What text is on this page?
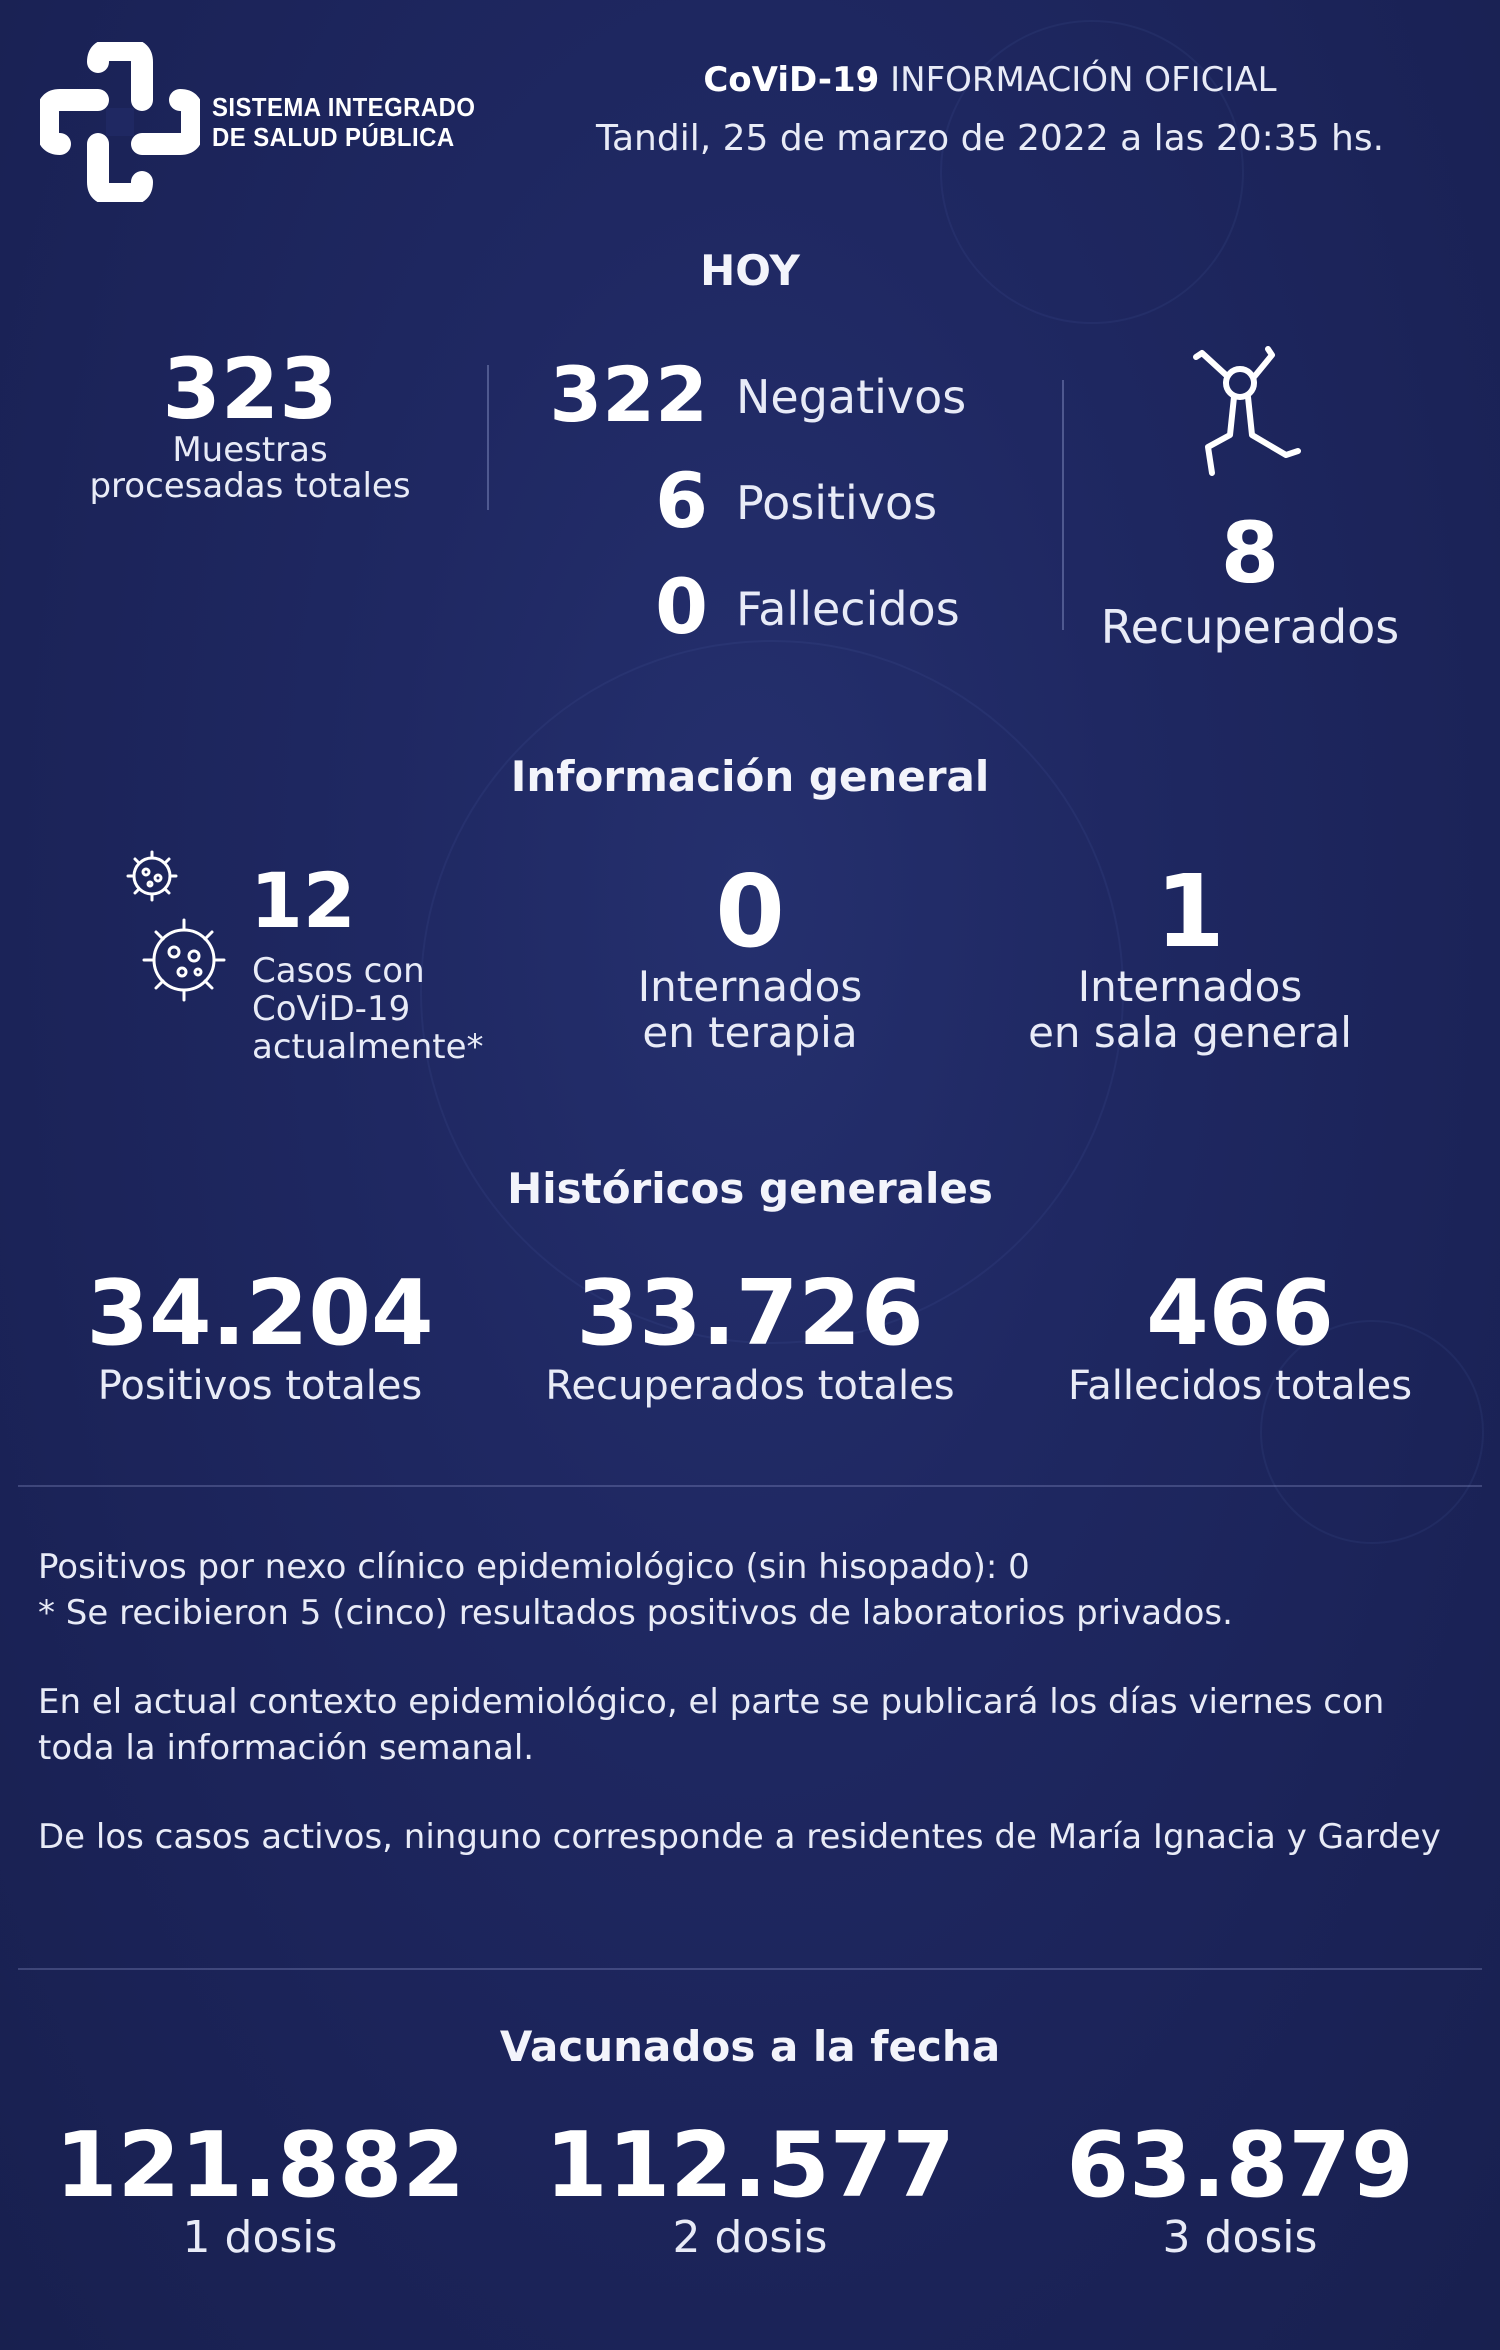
SISTEMA INTEGRADO
DE SALUD PÚBLICA
CoViD-19 INFORMACIÓN OFICIAL
Tandil, 25 de marzo de 2022 a las 20:35 hs.
HOY
323
Muestras
procesadas totales
322 Negativos
6 Positivos
0 Fallecidos
8
Recuperados
Información general
12
Casos con
CoViD-19
actualmente*
0
Internados
en terapia
1
Internados
en sala general
Históricos generales
34.204
Positivos totales
33.726
Recuperados totales
466
Fallecidos totales
Positivos por nexo clínico epidemiológico (sin hisopado): 0
* Se recibieron 5 (cinco) resultados positivos de laboratorios privados.
En el actual contexto epidemiológico, el parte se publicará los días viernes con toda la información semanal.
De los casos activos, ninguno corresponde a residentes de María Ignacia y Gardey
Vacunados a la fecha
121.882
1 dosis
112.577
2 dosis
63.879
3 dosis
